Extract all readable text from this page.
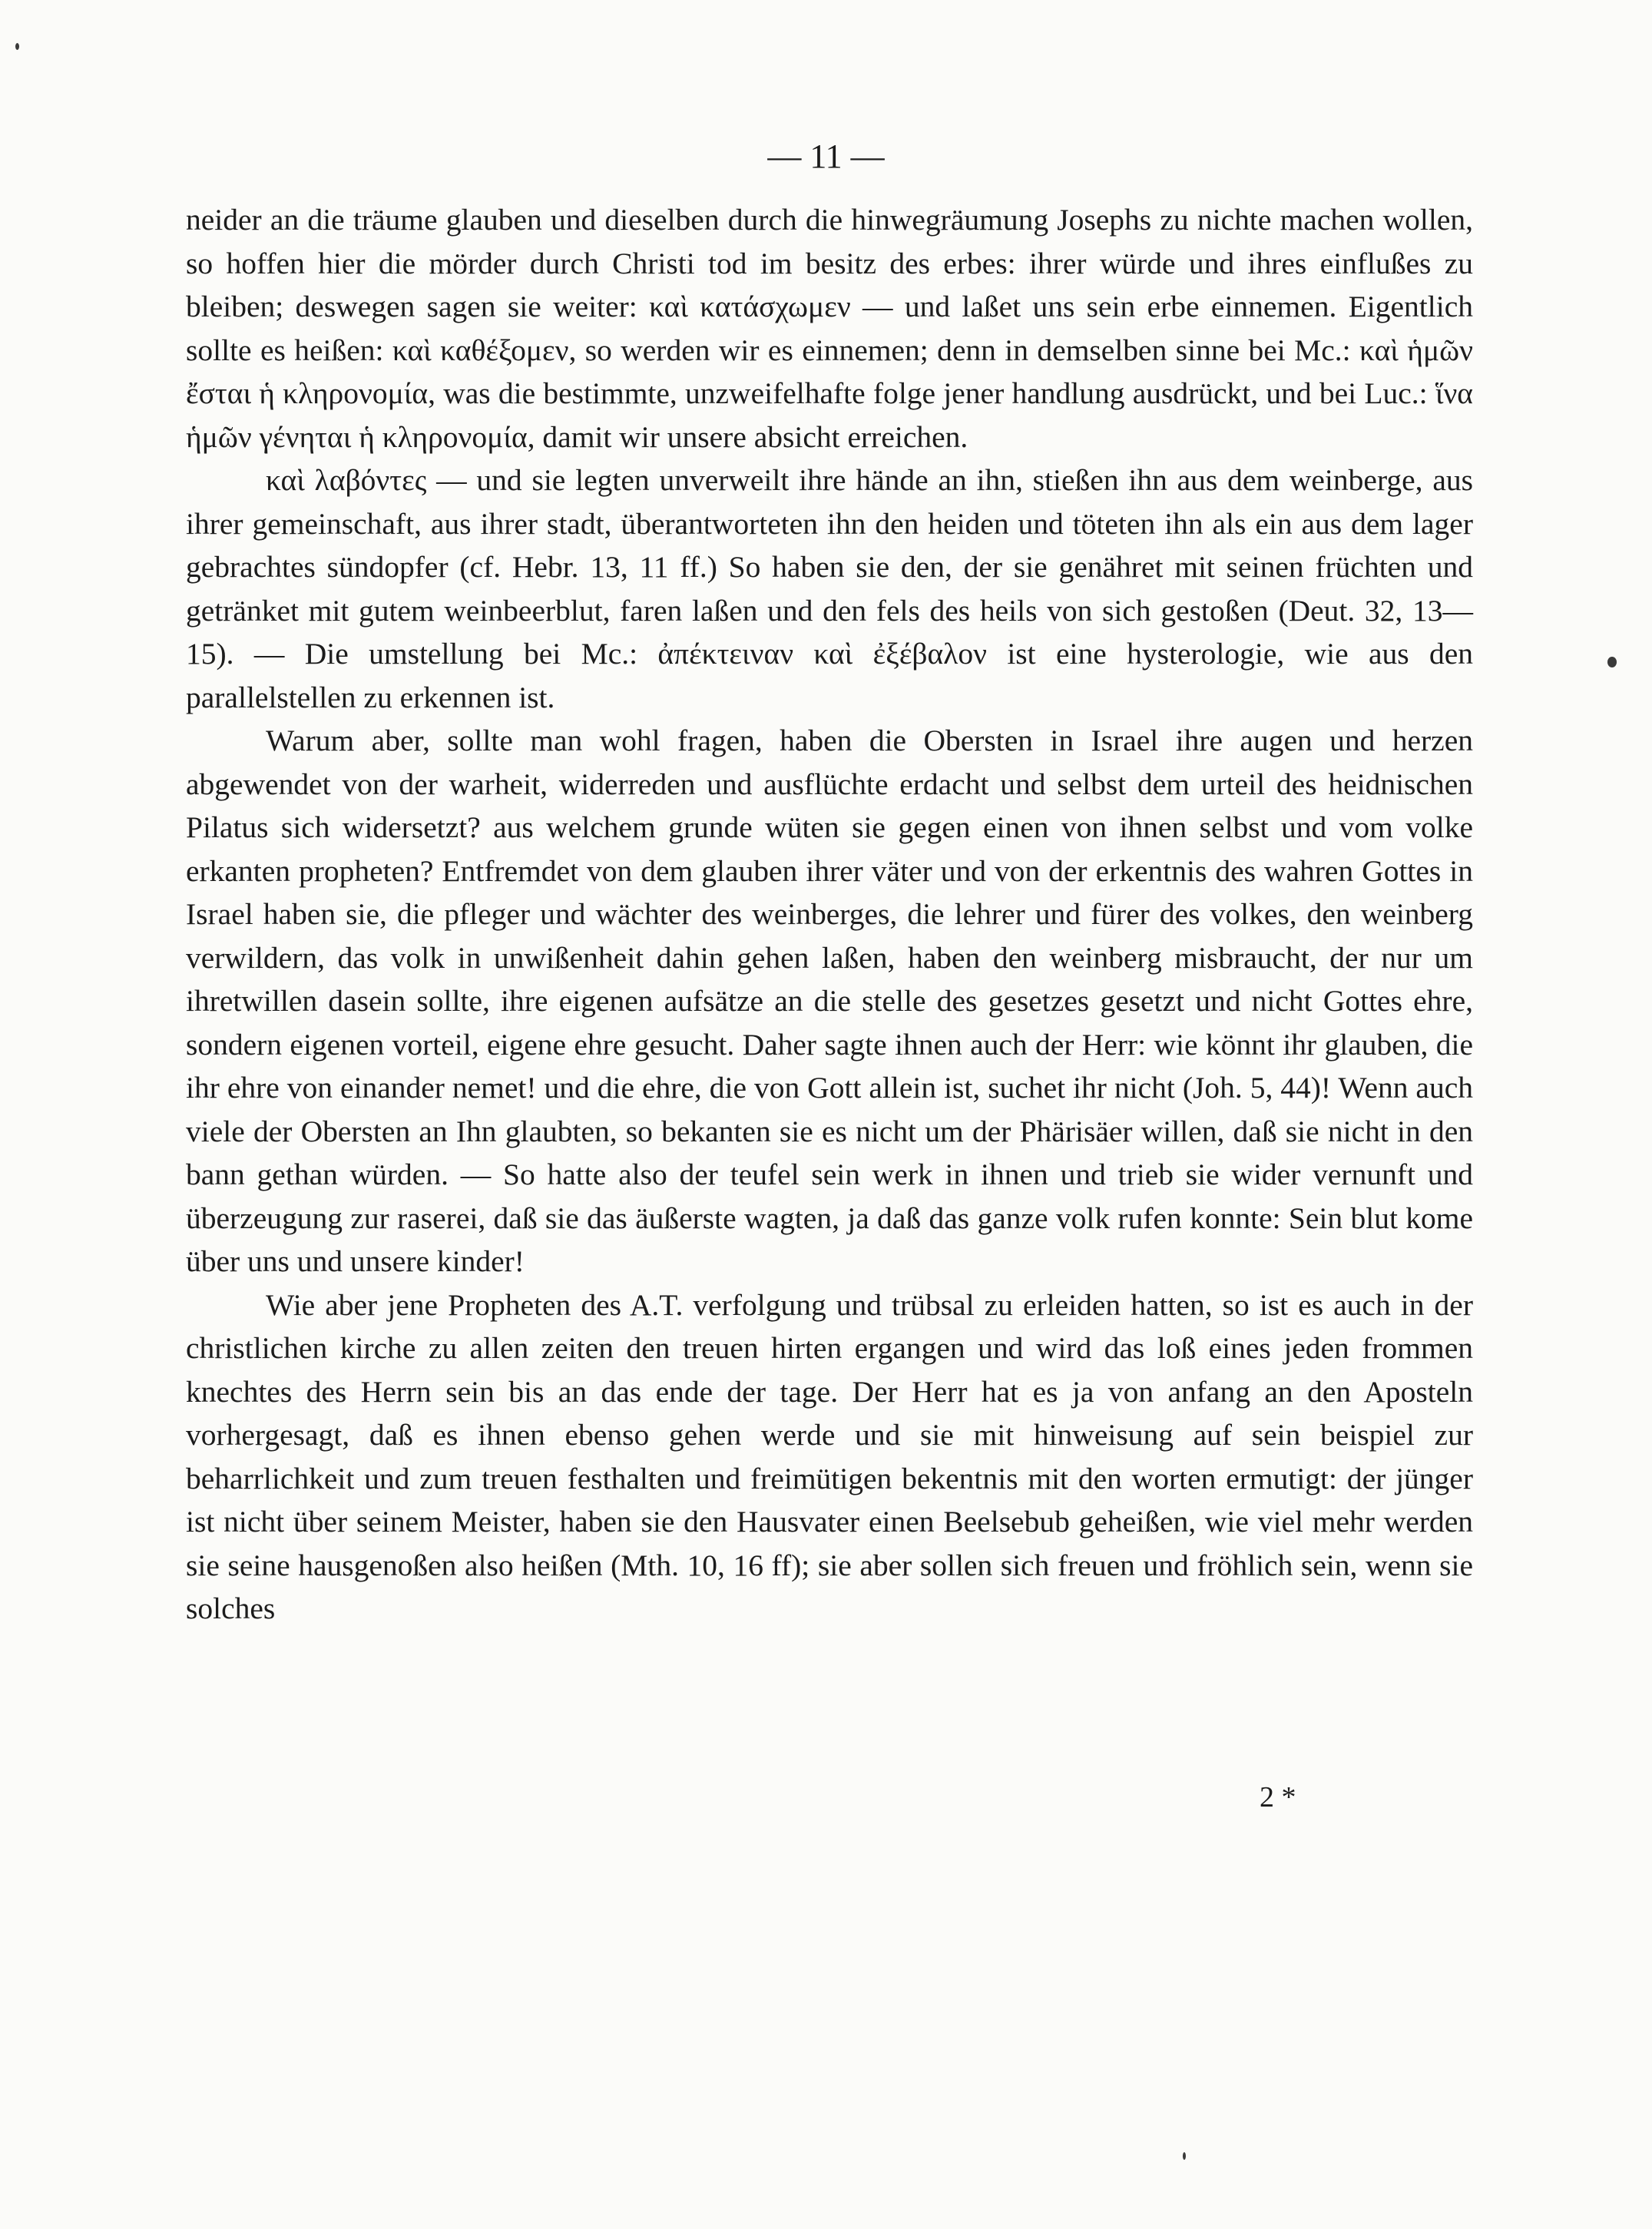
— 11 —

neider an die träume glauben und dieselben durch die hinwegräumung Josephs zu nichte machen wollen, so hoffen hier die mörder durch Christi tod im besitz des erbes: ihrer würde und ihres einflußes zu bleiben; deswegen sagen sie weiter: καὶ κατάσχωμεν — und laßet uns sein erbe einnemen. Eigentlich sollte es heißen: καὶ καθέξομεν, so werden wir es einnemen; denn in demselben sinne bei Mc.: καὶ ἡμῶν ἔσται ἡ κληρονομία, was die bestimmte, unzweifelhafte folge jener handlung ausdrückt, und bei Luc.: ἵνα ἡμῶν γένηται ἡ κληρονομία, damit wir unsere absicht erreichen.

καὶ λαβόντες — und sie legten unverweilt ihre hände an ihn, stießen ihn aus dem weinberge, aus ihrer gemeinschaft, aus ihrer stadt, überantworteten ihn den heiden und töteten ihn als ein aus dem lager gebrachtes sündopfer (cf. Hebr. 13, 11 ff.) So haben sie den, der sie genähret mit seinen früchten und getränket mit gutem weinbeerblut, faren laßen und den fels des heils von sich gestoßen (Deut. 32, 13—15). — Die umstellung bei Mc.: ἀπέκτειναν καὶ ἐξέβαλον ist eine hysterologie, wie aus den parallelstellen zu erkennen ist.

Warum aber, sollte man wohl fragen, haben die Obersten in Israel ihre augen und herzen abgewendet von der warheit, widerreden und ausflüchte erdacht und selbst dem urteil des heidnischen Pilatus sich widersetzt? aus welchem grunde wüten sie gegen einen von ihnen selbst und vom volke erkanten propheten? Entfremdet von dem glauben ihrer väter und von der erkentnis des wahren Gottes in Israel haben sie, die pfleger und wächter des weinberges, die lehrer und fürer des volkes, den weinberg verwildern, das volk in unwißenheit dahin gehen laßen, haben den weinberg misbraucht, der nur um ihretwillen dasein sollte, ihre eigenen aufsätze an die stelle des gesetzes gesetzt und nicht Gottes ehre, sondern eigenen vorteil, eigene ehre gesucht. Daher sagte ihnen auch der Herr: wie könnt ihr glauben, die ihr ehre von einander nemet! und die ehre, die von Gott allein ist, suchet ihr nicht (Joh. 5, 44)! Wenn auch viele der Obersten an Ihn glaubten, so bekanten sie es nicht um der Phärisäer willen, daß sie nicht in den bann gethan würden. — So hatte also der teufel sein werk in ihnen und trieb sie wider vernunft und überzeugung zur raserei, daß sie das äußerste wagten, ja daß das ganze volk rufen konnte: Sein blut kome über uns und unsere kinder!

Wie aber jene Propheten des A.T. verfolgung und trübsal zu erleiden hatten, so ist es auch in der christlichen kirche zu allen zeiten den treuen hirten ergangen und wird das loß eines jeden frommen knechtes des Herrn sein bis an das ende der tage. Der Herr hat es ja von anfang an den Aposteln vorhergesagt, daß es ihnen ebenso gehen werde und sie mit hinweisung auf sein beispiel zur beharrlichkeit und zum treuen festhalten und freimütigen bekentnis mit den worten ermutigt: der jünger ist nicht über seinem Meister, haben sie den Hausvater einen Beelsebub geheißen, wie viel mehr werden sie seine hausgenoßen also heißen (Mth. 10, 16 ff); sie aber sollen sich freuen und fröhlich sein, wenn sie solches

2 *
